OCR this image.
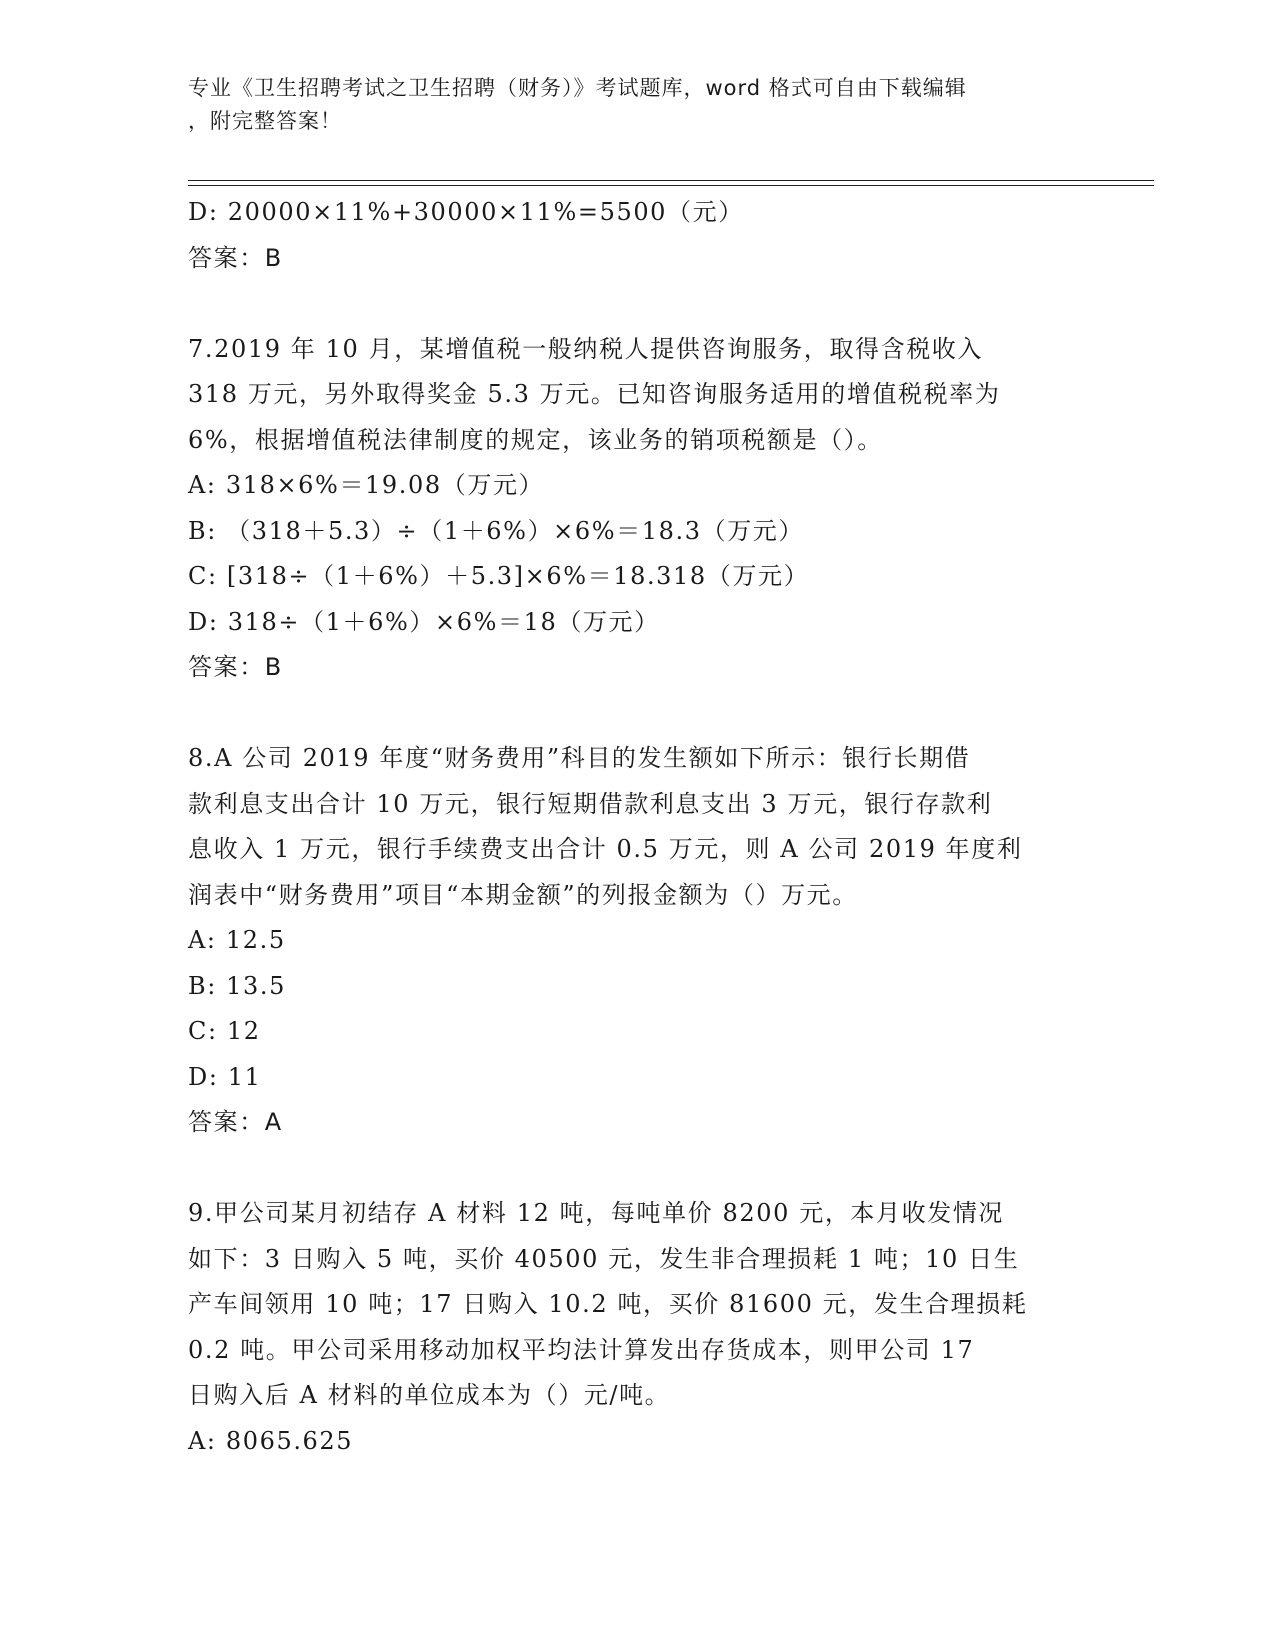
专业《卫生招聘考试之卫生招聘（财务）》考试题库，word 格式可自由下载编辑
，附完整答案！
D: 20000×11%+30000×11%=5500（元）
答案：B
7.2019 年 10 月，某增值税一般纳税人提供咨询服务，取得含税收入
318 万元，另外取得奖金 5.3 万元。已知咨询服务适用的增值税税率为
6%，根据增值税法律制度的规定，该业务的销项税额是（）。
A: 318×6%＝19.08（万元）
B: （318＋5.3）÷（1＋6%）×6%＝18.3（万元）
C: [318÷（1＋6%）＋5.3]×6%＝18.318（万元）
D: 318÷（1＋6%）×6%＝18（万元）
答案：B
8.A 公司 2019 年度“财务费用”科目的发生额如下所示：银行长期借
款利息支出合计 10 万元，银行短期借款利息支出 3 万元，银行存款利
息收入 1 万元，银行手续费支出合计 0.5 万元，则 A 公司 2019 年度利
润表中“财务费用”项目“本期金额”的列报金额为（）万元。
A: 12.5
B: 13.5
C: 12
D: 11
答案：A
9.甲公司某月初结存 A 材料 12 吨，每吨单价 8200 元，本月收发情况
如下：3 日购入 5 吨，买价 40500 元，发生非合理损耗 1 吨；10 日生
产车间领用 10 吨；17 日购入 10.2 吨，买价 81600 元，发生合理损耗
0.2 吨。甲公司采用移动加权平均法计算发出存货成本，则甲公司 17
日购入后 A 材料的单位成本为（）元/吨。
A: 8065.625
